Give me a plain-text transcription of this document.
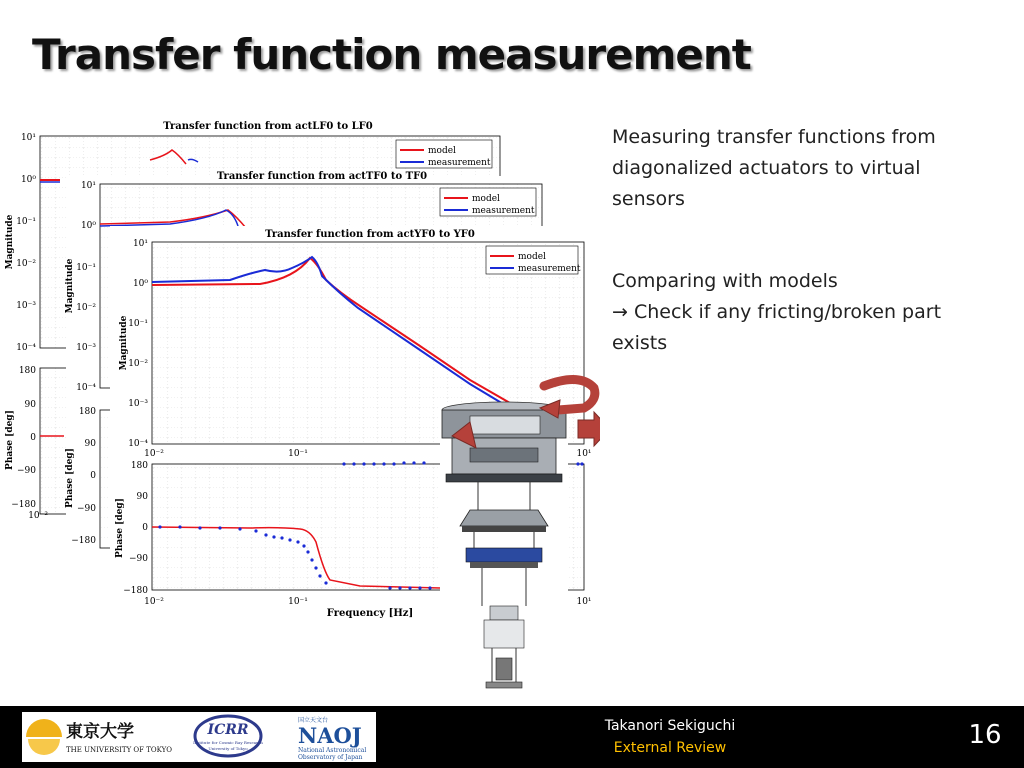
Transfer function measurement
Measuring transfer functions from
diagonalized actuators to virtual
sensors
Comparing with models
→ Check if any fricting/broken part
exists
Transfer function from actLF0 to LF0
model
measurement
10¹
10⁰
10⁻¹
10⁻²
10⁻³
10⁻⁴
180
90
0
−90
−180
10⁻²
Magnitude
Phase [deg]
Transfer function from actTF0 to TF0
model
measurement
10¹
10⁰
10⁻¹
10⁻²
10⁻³
10⁻⁴
180
90
0
−90
−180
Magnitude
Phase [deg]
Transfer function from actYF0 to YF0
model
measurement
10¹
10⁰
10⁻¹
10⁻²
10⁻³
10⁻⁴
180
90
0
−90
−180
10⁻²	10⁻¹	10¹
10⁻²	10⁻¹	10¹
Frequency [Hz]
Magnitude
Phase [deg]
東京大学
THE UNIVERSITY OF TOKYO
ICRR
Institute for Cosmic Ray Research
University of Tokyo
国立天文台
NAOJ
National Astronomical
Observatory of Japan
Takanori Sekiguchi
External Review	16
